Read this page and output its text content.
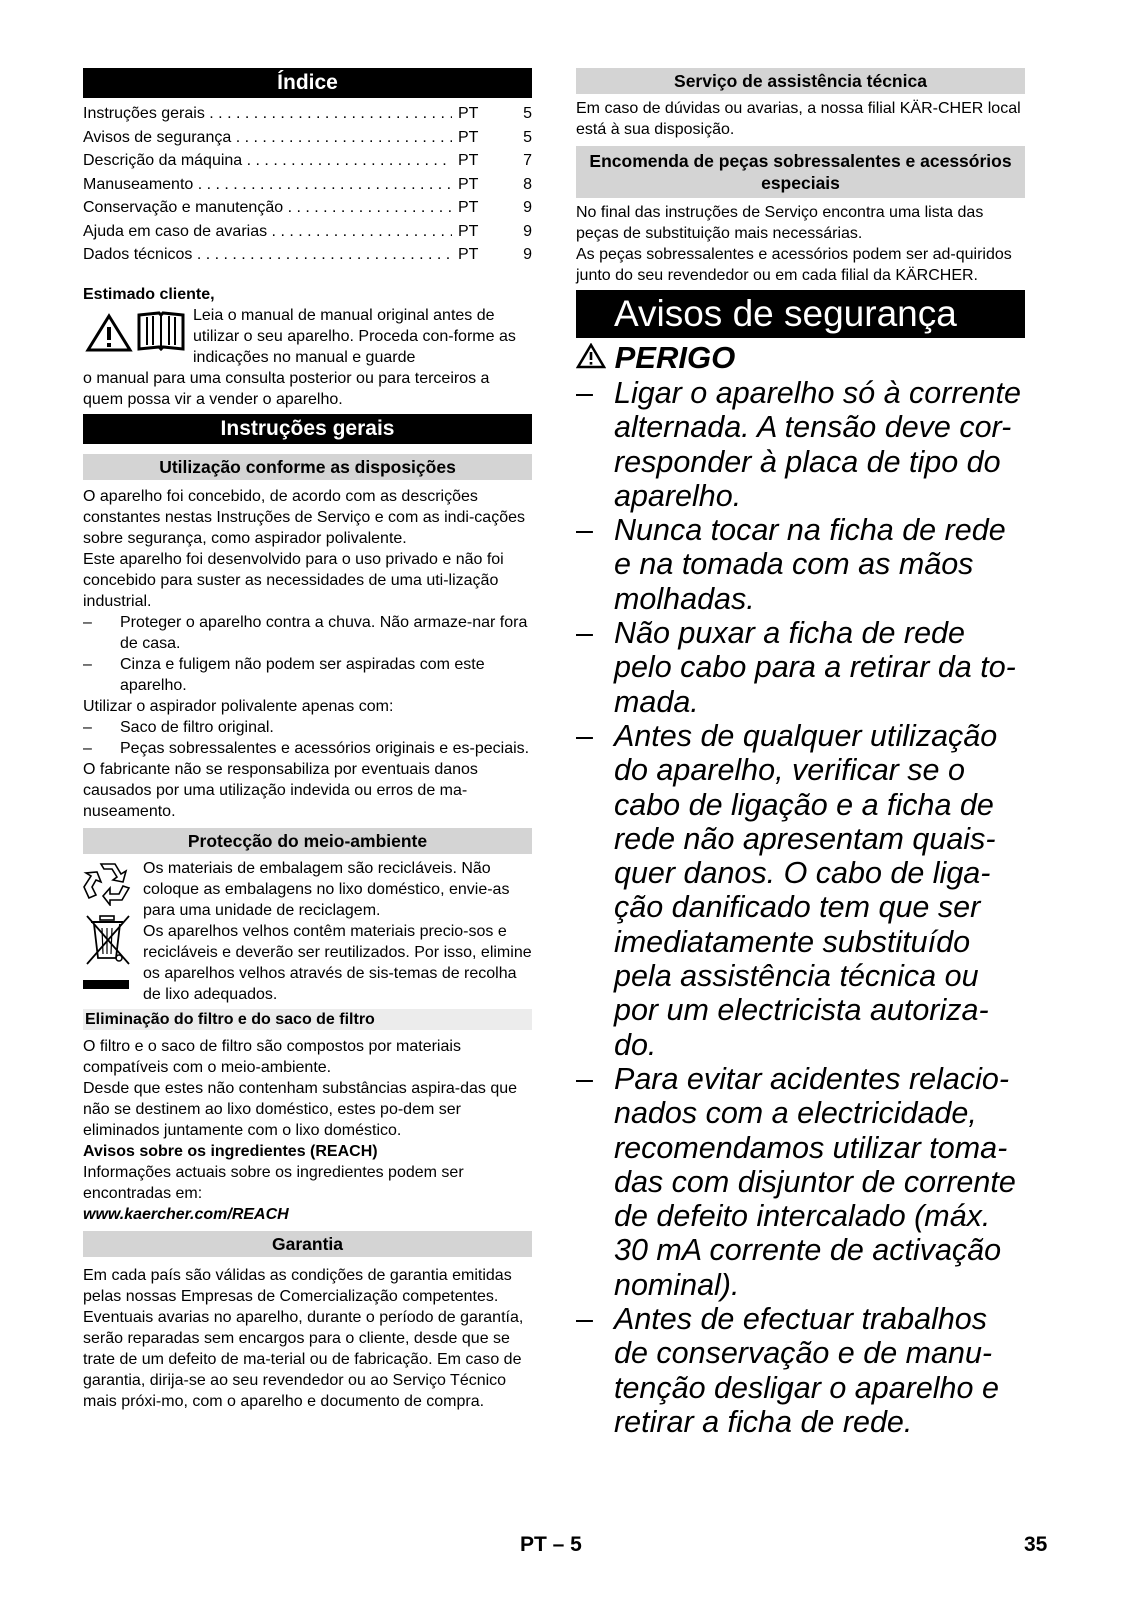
Índice
Instruções gerais . . .	PT	5
Avisos de segurança . . .	PT	5
Descrição da máquina . . .	PT	7
Manuseamento . . .	PT	8
Conservação e manutenção . . .	PT	9
Ajuda em caso de avarias . . .	PT	9
Dados técnicos . . .	PT	9

Estimado cliente,

Leia o manual de manual original antes de utilizar o seu aparelho. Proceda con-forme as indicações no manual e guarde

o manual para uma consulta posterior ou para terceiros a quem possa vir a vender o aparelho.

Instruções gerais
Utilização conforme as disposições

O aparelho foi concebido, de acordo com as descrições constantes nestas Instruções de Serviço e com as indi-cações sobre segurança, como aspirador polivalente.

Este aparelho foi desenvolvido para o uso privado e não foi concebido para suster as necessidades de uma uti-lização industrial.

–	Proteger o aparelho contra a chuva. Não armaze-nar fora de casa.
–	Cinza e fuligem não podem ser aspiradas com este aparelho.

Utilizar o aspirador polivalente apenas com:

–	Saco de filtro original.
–	Peças sobressalentes e acessórios originais e es-peciais.

O fabricante não se responsabiliza por eventuais danos causados por uma utilização indevida ou erros de ma-nuseamento.

Protecção do meio-ambiente

Os materiais de embalagem são recicláveis. Não coloque as embalagens no lixo doméstico, envie-as para uma unidade de reciclagem.

Os aparelhos velhos contêm materiais precio-sos e recicláveis e deverão ser reutilizados. Por isso, elimine os aparelhos velhos através de sis-temas de recolha de lixo adequados.

Eliminação do filtro e do saco de filtro

O filtro e o saco de filtro são compostos por materiais compatíveis com o meio-ambiente.

Desde que estes não contenham substâncias aspira-das que não se destinem ao lixo doméstico, estes po-dem ser eliminados juntamente com o lixo doméstico.

Avisos sobre os ingredientes (REACH)

Informações actuais sobre os ingredientes podem ser encontradas em:

www.kaercher.com/REACH

Garantia

Em cada país são válidas as condições de garantia emitidas pelas nossas Empresas de Comercialização competentes. Eventuais avarias no aparelho, durante o período de garantía, serão reparadas sem encargos para o cliente, desde que se trate de um defeito de ma-terial ou de fabricação. Em caso de garantia, dirija-se ao seu revendedor ou ao Serviço Técnico mais próxi-mo, com o aparelho e documento de compra.

Serviço de assistência técnica

Em caso de dúvidas ou avarias, a nossa filial KÄR-CHER local está à sua disposição.

Encomenda de peças sobressalentes e acessórios especiais

No final das instruções de Serviço encontra uma lista das peças de substituição mais necessárias.

As peças sobressalentes e acessórios podem ser ad-quiridos junto do seu revendedor ou em cada filial da KÄRCHER.

Avisos de segurança
PERIGO
– Ligar o aparelho só à corrente alternada. A tensão deve cor-responder à placa de tipo do aparelho.
– Nunca tocar na ficha de rede e na tomada com as mãos molhadas.
– Não puxar a ficha de rede pelo cabo para a retirar da to-mada.
– Antes de qualquer utilização do aparelho, verificar se o cabo de ligação e a ficha de rede não apresentam quais-quer danos. O cabo de liga-ção danificado tem que ser imediatamente substituído pela assistência técnica ou por um electricista autoriza-do.
– Para evitar acidentes relacio-nados com a electricidade, recomendamos utilizar toma-das com disjuntor de corrente de defeito intercalado (máx. 30 mA corrente de activação nominal).
– Antes de efectuar trabalhos de conservação e de manu-tenção desligar o aparelho e retirar a ficha de rede.
PT – 5	35
